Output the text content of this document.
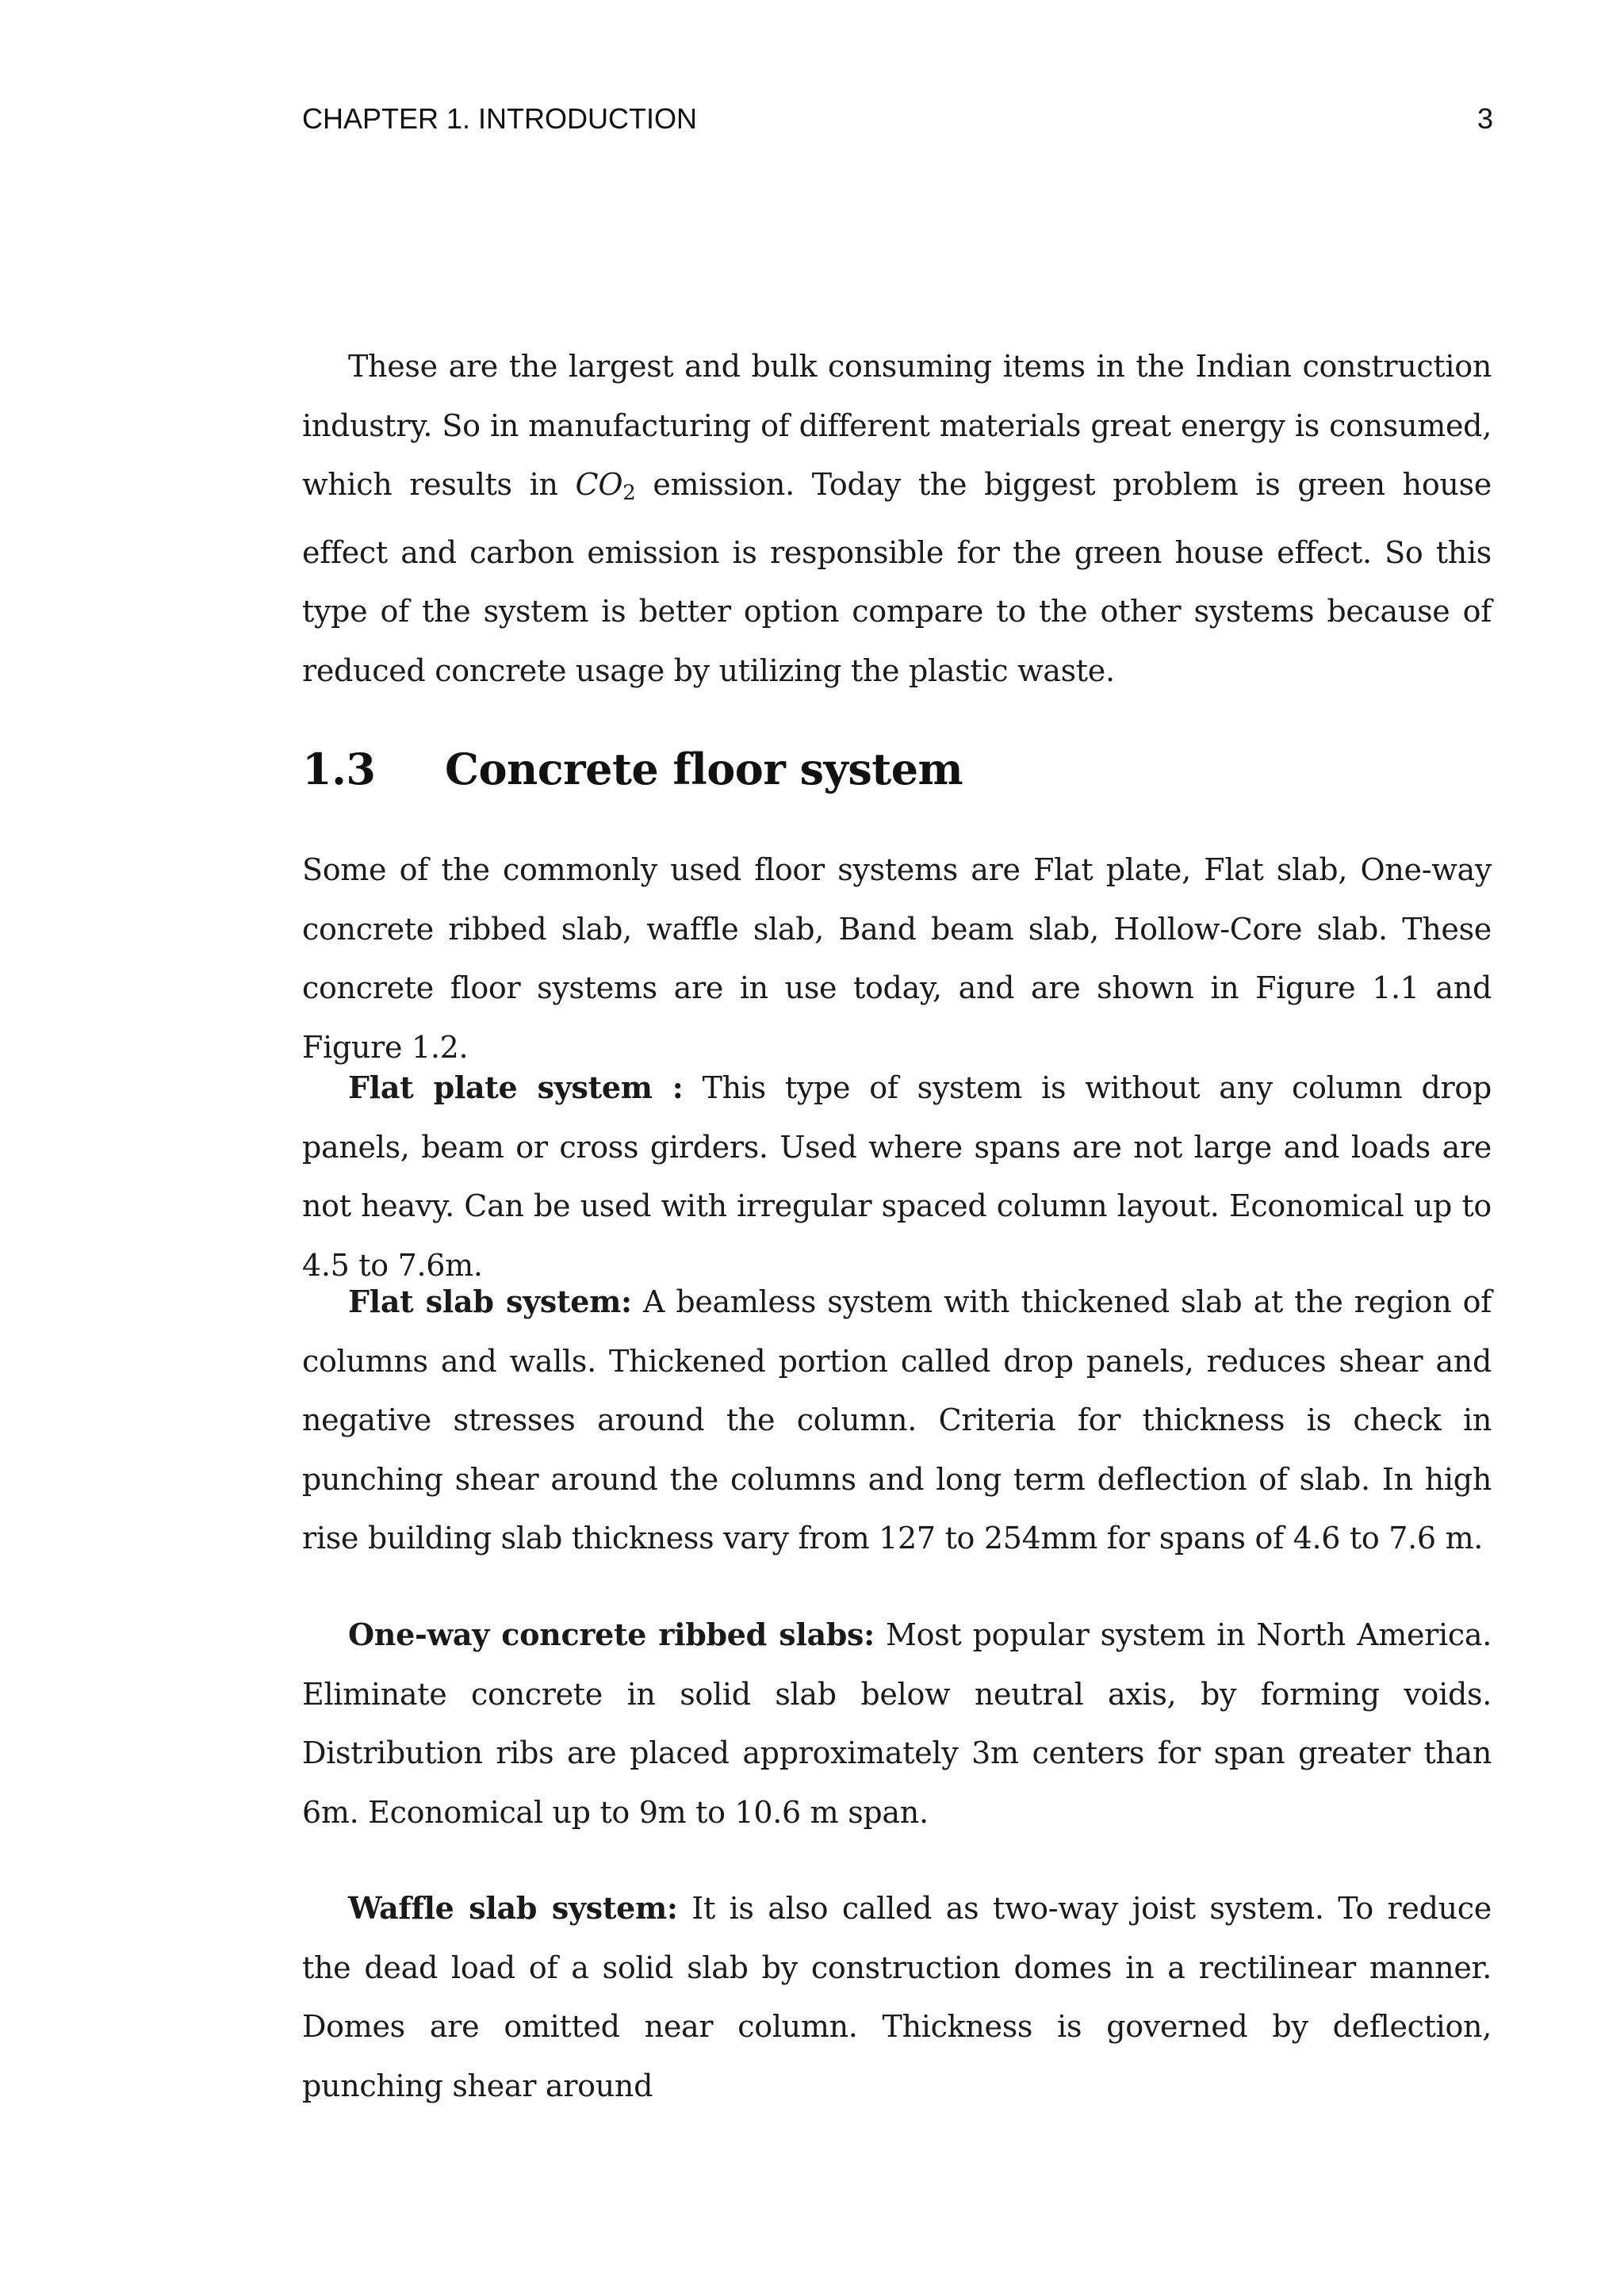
CHAPTER 1. INTRODUCTION	3

These are the largest and bulk consuming items in the Indian construction industry. So in manufacturing of different materials great energy is consumed, which results in $CO_2$ emission. Today the biggest problem is green house effect and carbon emission is responsible for the green house effect. So this type of the system is better option compare to the other systems because of reduced concrete usage by utilizing the plastic waste.

1.3	Concrete floor system

Some of the commonly used floor systems are Flat plate, Flat slab, One-way concrete ribbed slab, waffle slab, Band beam slab, Hollow-Core slab. These concrete floor systems are in use today, and are shown in Figure 1.1 and Figure 1.2.

Flat plate system : This type of system is without any column drop panels, beam or cross girders. Used where spans are not large and loads are not heavy. Can be used with irregular spaced column layout. Economical up to 4.5 to 7.6m.

Flat slab system: A beamless system with thickened slab at the region of columns and walls. Thickened portion called drop panels, reduces shear and negative stresses around the column. Criteria for thickness is check in punching shear around the columns and long term deflection of slab. In high rise building slab thickness vary from 127 to 254mm for spans of 4.6 to 7.6 m.

One-way concrete ribbed slabs: Most popular system in North America. Eliminate concrete in solid slab below neutral axis, by forming voids. Distribution ribs are placed approximately 3m centers for span greater than 6m. Economical up to 9m to 10.6 m span.

Waffle slab system: It is also called as two-way joist system. To reduce the dead load of a solid slab by construction domes in a rectilinear manner. Domes are omitted near column. Thickness is governed by deflection, punching shear around
